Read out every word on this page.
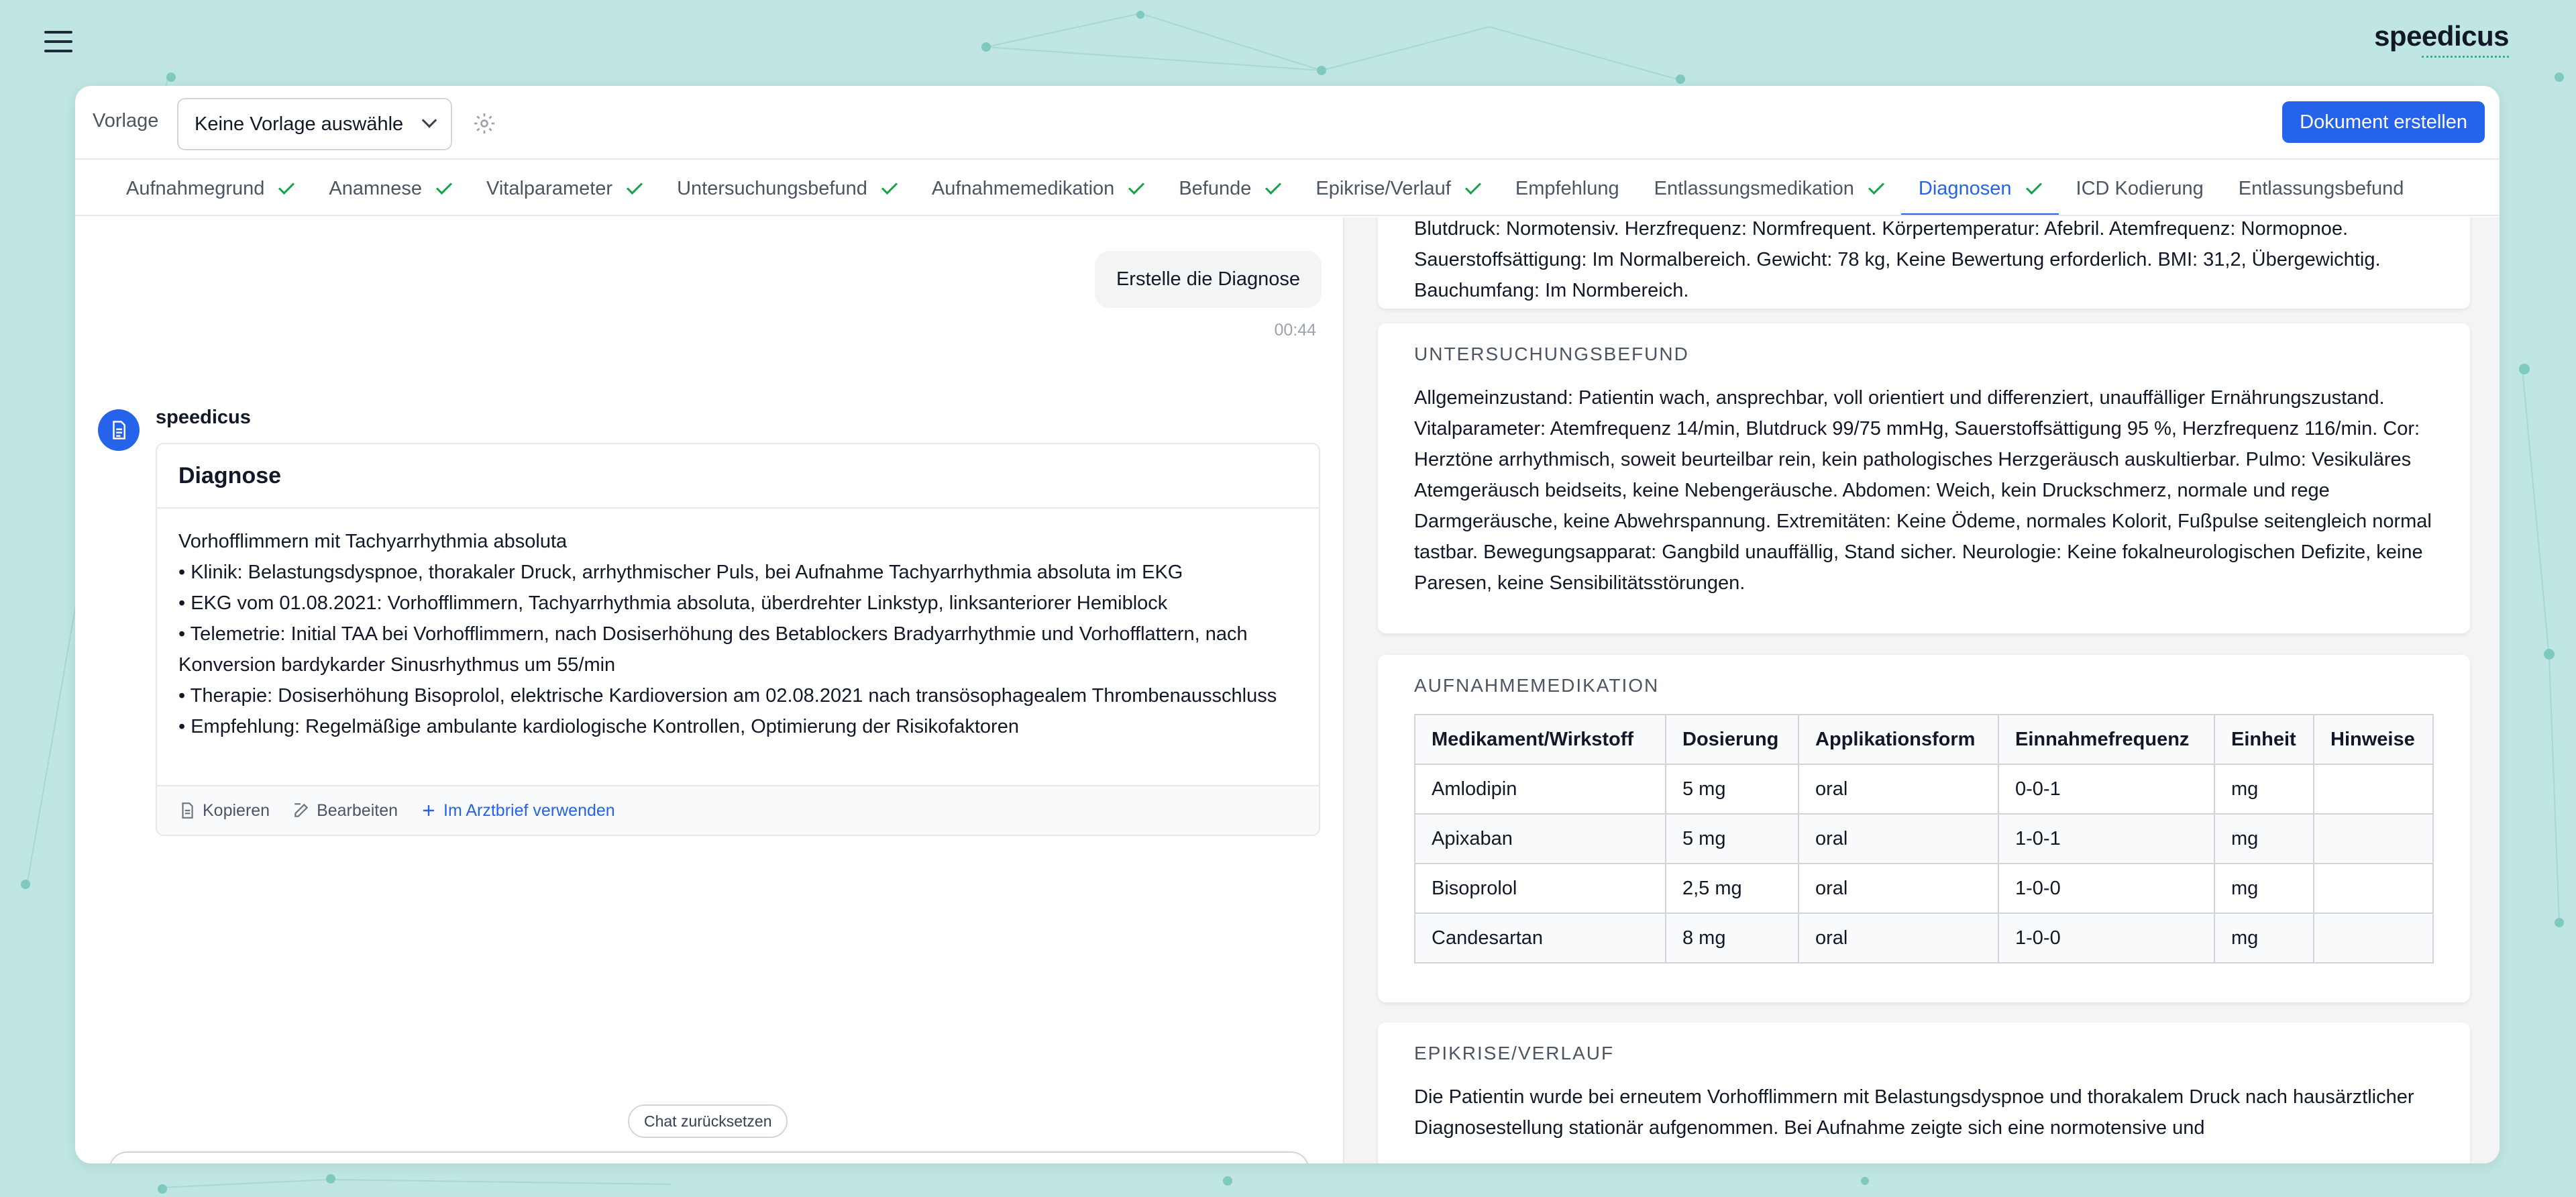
speedicus
Vorlage Keine Vorlage auswähle	Dokument erstellen
Aufnahmegrund	Anamnese	Vitalparameter	Untersuchungsbefund	Aufnahmemedikation	Befunde	Epikrise/Verlauf	Empfehlung Entlassungsmedikation	Diagnosen	ICD Kodierung Entlassungsbefund
Erstelle die Diagnose
00:44
speedicus
Diagnose
Vorhofflimmern mit Tachyarrhythmia absoluta
• Klinik: Belastungsdyspnoe, thorakaler Druck, arrhythmischer Puls, bei Aufnahme Tachyarrhythmia absoluta im EKG
• EKG vom 01.08.2021: Vorhofflimmern, Tachyarrhythmia absoluta, überdrehter Linkstyp, linksanteriorer Hemiblock
• Telemetrie: Initial TAA bei Vorhofflimmern, nach Dosiserhöhung des Betablockers Bradyarrhythmie und Vorhofflattern, nach Konversion bardykarder Sinusrhythmus um 55/min
• Therapie: Dosiserhöhung Bisoprolol, elektrische Kardioversion am 02.08.2021 nach transösophagealem Thrombenausschluss
• Empfehlung: Regelmäßige ambulante kardiologische Kontrollen, Optimierung der Risikofaktoren
Kopieren	Bearbeiten	Im Arztbrief verwenden
Chat zurücksetzen
Blutdruck: Normotensiv. Herzfrequenz: Normfrequent. Körpertemperatur: Afebril. Atemfrequenz: Normopnoe. Sauerstoffsättigung: Im Normalbereich. Gewicht: 78 kg, Keine Bewertung erforderlich. BMI: 31,2, Übergewichtig. Bauchumfang: Im Normbereich.
UNTERSUCHUNGSBEFUND
Allgemeinzustand: Patientin wach, ansprechbar, voll orientiert und differenziert, unauffälliger Ernährungszustand. Vitalparameter: Atemfrequenz 14/min, Blutdruck 99/75 mmHg, Sauerstoffsättigung 95 %, Herzfrequenz 116/min. Cor: Herztöne arrhythmisch, soweit beurteilbar rein, kein pathologisches Herzgeräusch auskultierbar. Pulmo: Vesikuläres Atemgeräusch beidseits, keine Nebengeräusche. Abdomen: Weich, kein Druckschmerz, normale und rege Darmgeräusche, keine Abwehrspannung. Extremitäten: Keine Ödeme, normales Kolorit, Fußpulse seitengleich normal tastbar. Bewegungsapparat: Gangbild unauffällig, Stand sicher. Neurologie: Keine fokalneurologischen Defizite, keine Paresen, keine Sensibilitätsstörungen.
AUFNAHMEMEDIKATION
Medikament/Wirkstoff	Dosierung	Applikationsform	Einnahmefrequenz	Einheit	Hinweise
Amlodipin	5 mg	oral	0-0-1	mg	
Apixaban	5 mg	oral	1-0-1	mg	
Bisoprolol	2,5 mg	oral	1-0-0	mg	
Candesartan	8 mg	oral	1-0-0	mg	
EPIKRISE/VERLAUF
Die Patientin wurde bei erneutem Vorhofflimmern mit Belastungsdyspnoe und thorakalem Druck nach hausärztlicher Diagnosestellung stationär aufgenommen. Bei Aufnahme zeigte sich eine normotensive und
